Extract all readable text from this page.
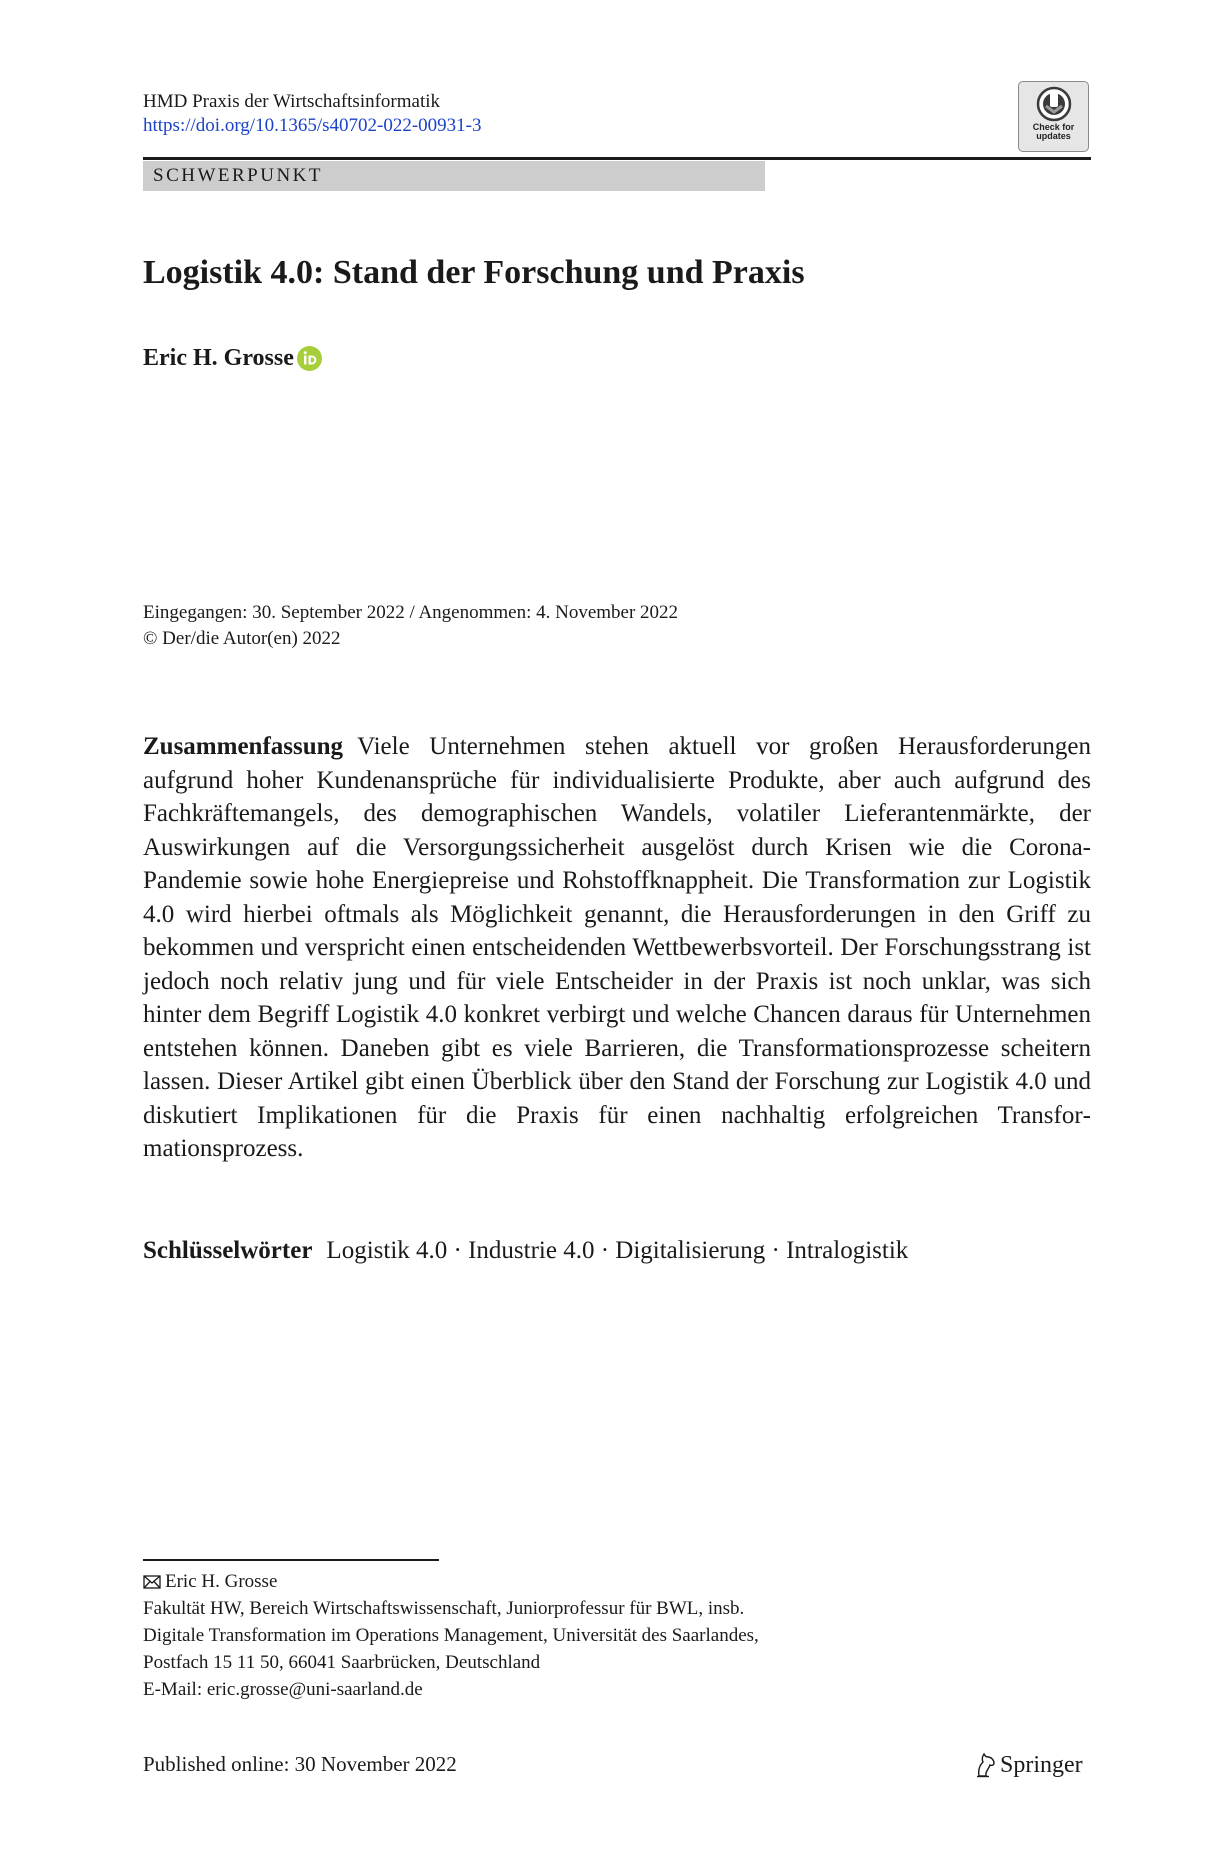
HMD Praxis der Wirtschaftsinformatik
https://doi.org/10.1365/s40702-022-00931-3	Check for
updates
SCHWERPUNKT
Logistik 4.0: Stand der Forschung und Praxis
Eric H. Grosse
Eingegangen: 30. September 2022 / Angenommen: 4. November 2022
© Der/die Autor(en) 2022

Zusammenfassung Viele Unternehmen stehen aktuell vor großen Herausforderungen aufgrund hoher Kundenansprüche für individualisierte Produkte, aber auch aufgrund des Fachkräftemangels, des demographischen Wandels, volatiler Lieferantenmärkte, der Auswirkungen auf die Versorgungssicherheit ausgelöst durch Krisen wie die Corona-Pandemie sowie hohe Energiepreise und Rohstoffknappheit. Die Transformation zur Logistik 4.0 wird hierbei oftmals als Möglichkeit genannt, die Herausforderungen in den Griff zu bekommen und verspricht einen entscheidenden Wettbewerbsvorteil. Der Forschungsstrang ist jedoch noch relativ jung und für viele Entscheider in der Praxis ist noch unklar, was sich hinter dem Begriff Logistik 4.0 konkret verbirgt und welche Chancen daraus für Unternehmen entstehen können. Daneben gibt es viele Barrieren, die Transformationsprozesse scheitern lassen. Dieser Artikel gibt einen Überblick über den Stand der Forschung zur Logistik 4.0 und diskutiert Implikationen für die Praxis für einen nachhaltig erfolgreichen Transformationsprozess.

Schlüsselwörter Logistik 4.0 · Industrie 4.0 · Digitalisierung · Intralogistik
Eric H. Grosse
Fakultät HW, Bereich Wirtschaftswissenschaft, Juniorprofessur für BWL, insb.
Digitale Transformation im Operations Management, Universität des Saarlandes,
Postfach 15 11 50, 66041 Saarbrücken, Deutschland
E-Mail: eric.grosse@uni-saarland.de
Published online: 30 November 2022	Springer
